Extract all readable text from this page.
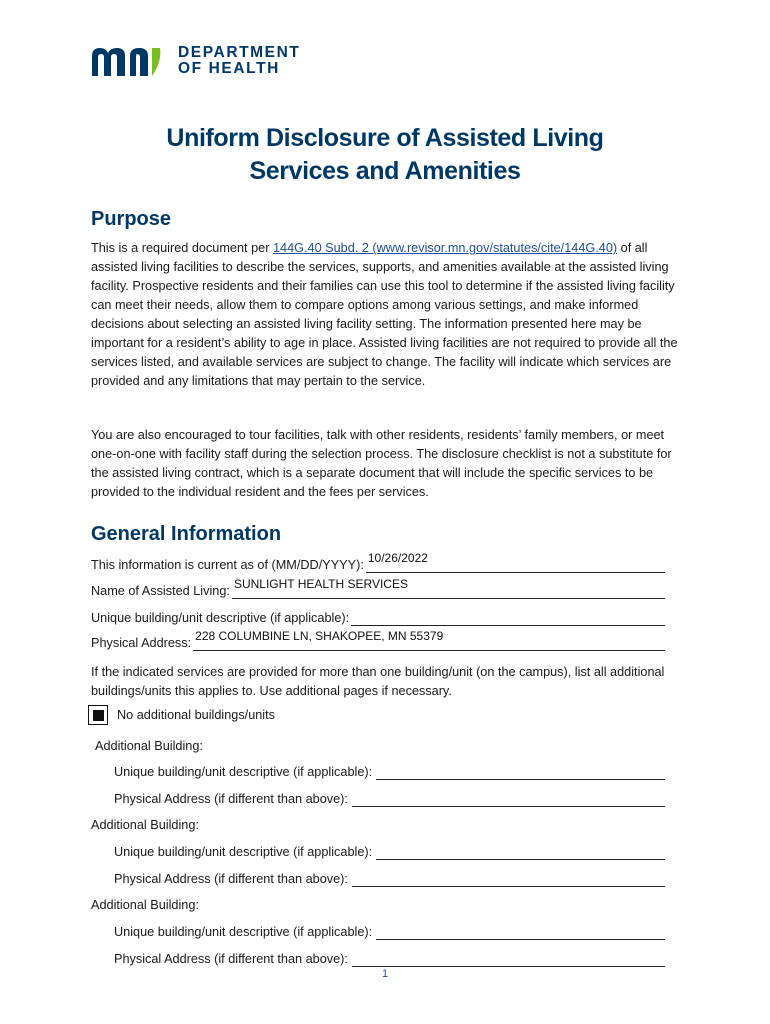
DEPARTMENT
OF HEALTH
Uniform Disclosure of Assisted Living
Services and Amenities
Purpose
This is a required document per 144G.40 Subd. 2 (www.revisor.mn.gov/statutes/cite/144G.40) of all assisted living facilities to describe the services, supports, and amenities available at the assisted living facility. Prospective residents and their families can use this tool to determine if the assisted living facility can meet their needs, allow them to compare options among various settings, and make informed decisions about selecting an assisted living facility setting. The information presented here may be important for a resident’s ability to age in place. Assisted living facilities are not required to provide all the services listed, and available services are subject to change. The facility will indicate which services are provided and any limitations that may pertain to the service.
You are also encouraged to tour facilities, talk with other residents, residents’ family members, or meet one-on-one with facility staff during the selection process. The disclosure checklist is not a substitute for the assisted living contract, which is a separate document that will include the specific services to be provided to the individual resident and the fees per services.
General Information
This information is current as of (MM/DD/YYYY): 10/26/2022
Name of Assisted Living: SUNLIGHT HEALTH SERVICES
Unique building/unit descriptive (if applicable):
Physical Address: 228 COLUMBINE LN, SHAKOPEE, MN 55379
If the indicated services are provided for more than one building/unit (on the campus), list all additional buildings/units this applies to. Use additional pages if necessary.
No additional buildings/units
Additional Building:
Unique building/unit descriptive (if applicable):
Physical Address (if different than above):
Additional Building:
Unique building/unit descriptive (if applicable):
Physical Address (if different than above):
Additional Building:
Unique building/unit descriptive (if applicable):
Physical Address (if different than above):
1
